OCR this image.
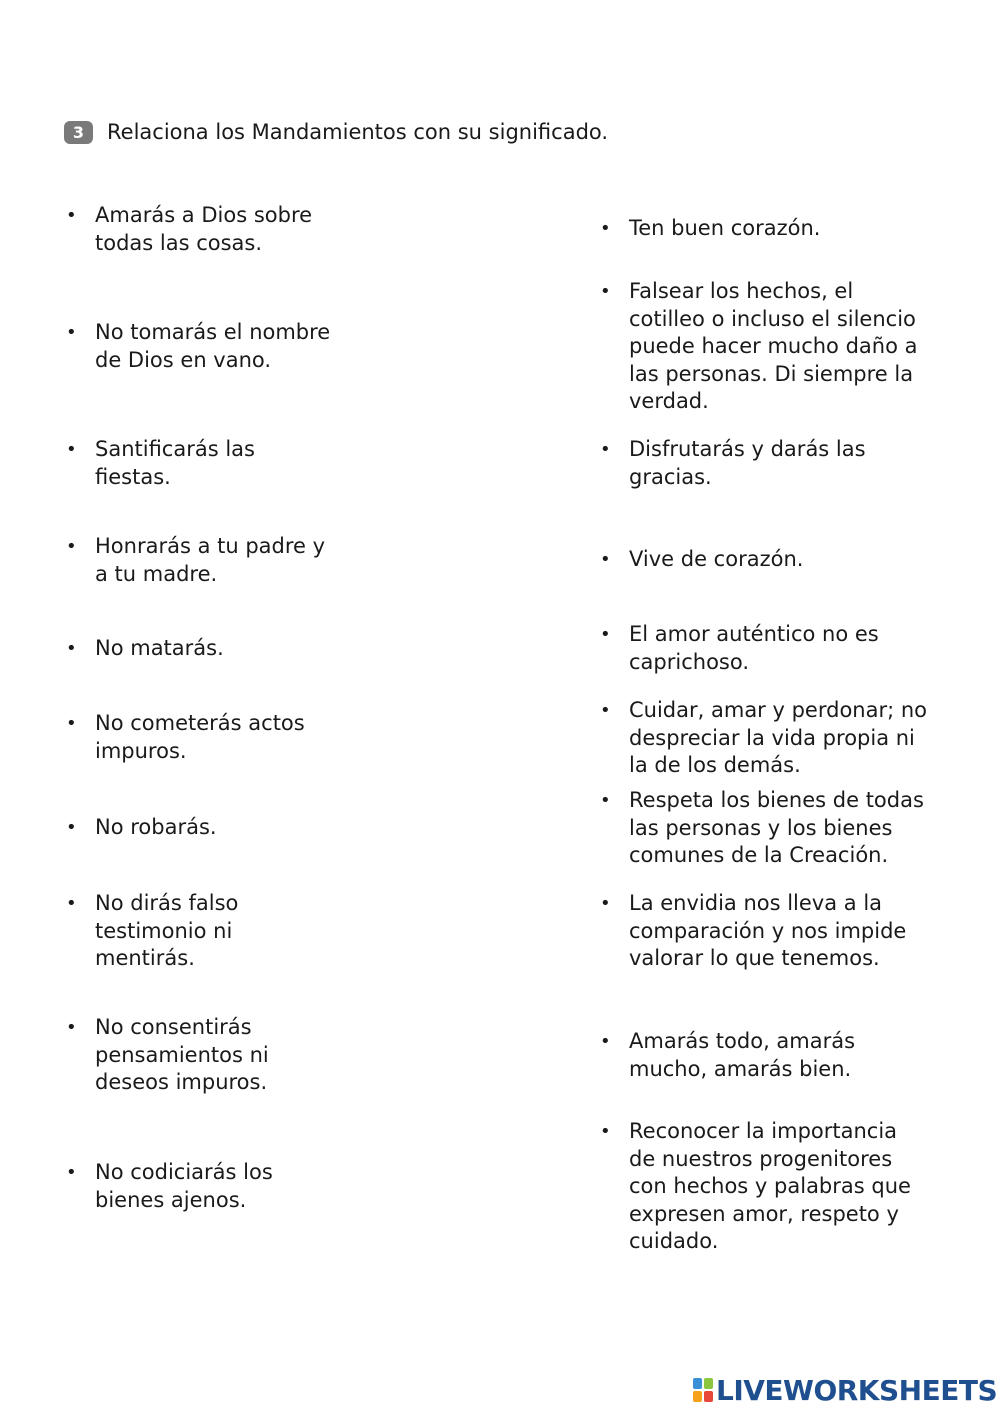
3	Relaciona los Mandamientos con su significado.
• Amarás a Dios sobre
todas las cosas.
• No tomarás el nombre
de Dios en vano.
• Santificarás las
fiestas.
• Honrarás a tu padre y
a tu madre.
• No matarás.
• No cometerás actos
impuros.
• No robarás.
• No dirás falso
testimonio ni
mentirás.
• No consentirás
pensamientos ni
deseos impuros.
• No codiciarás los
bienes ajenos.
• Ten buen corazón.
• Falsear los hechos, el
cotilleo o incluso el silencio
puede hacer mucho daño a
las personas. Di siempre la
verdad.
• Disfrutarás y darás las
gracias.
• Vive de corazón.
• El amor auténtico no es
caprichoso.
• Cuidar, amar y perdonar; no
despreciar la vida propia ni
la de los demás.
• Respeta los bienes de todas
las personas y los bienes
comunes de la Creación.
• La envidia nos lleva a la
comparación y nos impide
valorar lo que tenemos.
• Amarás todo, amarás
mucho, amarás bien.
• Reconocer la importancia
de nuestros progenitores
con hechos y palabras que
expresen amor, respeto y
cuidado.
LIVEWORKSHEETS
